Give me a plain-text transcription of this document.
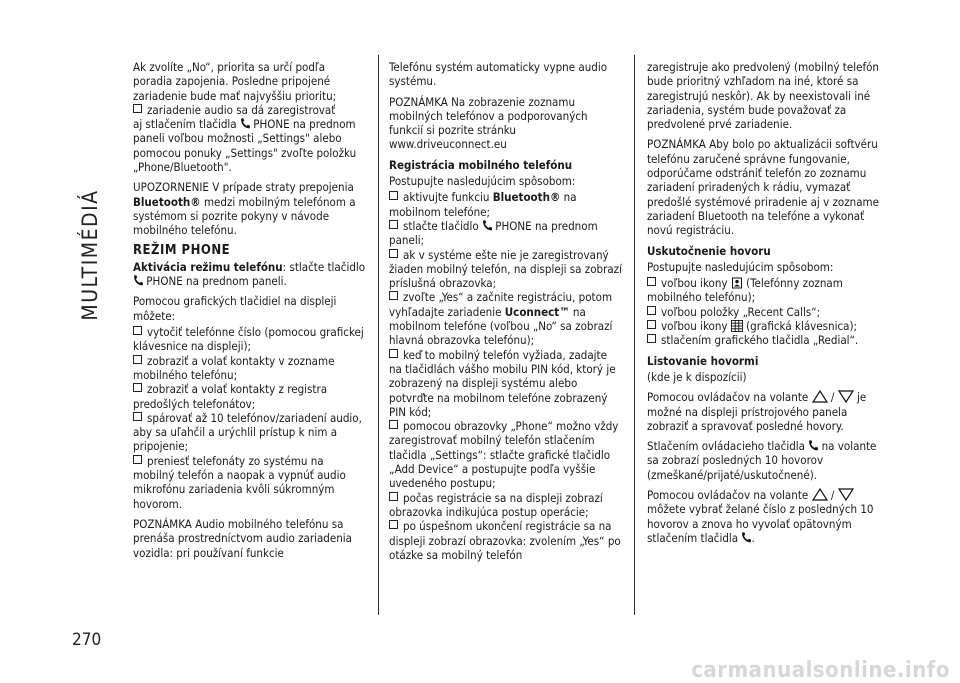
MULTIMÉDIÁ
270

Ak zvolíte „No“, priorita sa určí podľa poradia zapojenia. Posledne pripojené zariadenie bude mať najvyššiu prioritu;

zariadenie audio sa dá zaregistrovať

aj stlačením tlačidla PHONE na prednom paneli voľbou možnosti „Settings" alebo pomocou ponuky „Settings" zvoľte položku „Phone/Bluetooth".

UPOZORNENIE V prípade straty prepojenia Bluetooth® medzi mobilným telefónom a systémom si pozrite pokyny v návode mobilného telefónu.

REŽIM PHONE

Aktivácia režimu telefónu: stlačte tlačidlo  PHONE na prednom paneli.

Pomocou grafických tlačidiel na displeji môžete:

vytočiť telefónne číslo (pomocou grafickej klávesnice na displeji);
zobraziť a volať kontakty v zozname mobilného telefónu;
zobraziť a volať kontakty z registra predošlých telefonátov;
spárovať až 10 telefónov/zariadení audio, aby sa uľahčil a urýchlil prístup k nim a pripojenie;
preniesť telefonáty zo systému na mobilný telefón a naopak a vypnúť audio mikrofónu zariadenia kvôli súkromným hovorom.

POZNÁMKA Audio mobilného telefónu sa prenáša prostredníctvom audio zariadenia vozidla: pri používaní funkcie

Telefónu systém automaticky vypne audio systému.

POZNÁMKA Na zobrazenie zoznamu mobilných telefónov a podporovaných funkcií si pozrite stránku www.driveuconnect.eu

Registrácia mobilného telefónu

Postupujte nasledujúcim spôsobom:

aktivujte funkciu Bluetooth® na mobilnom telefóne;
stlačte tlačidlo PHONE na prednom paneli;
ak v systéme ešte nie je zaregistrovaný žiaden mobilný telefón, na displeji sa zobrazí príslušná obrazovka;
zvoľte „Yes“ a začnite registráciu, potom vyhľadajte zariadenie Uconnect™ na mobilnom telefóne (voľbou „No“ sa zobrazí hlavná obrazovka telefónu);
keď to mobilný telefón vyžiada, zadajte na tlačidlách vášho mobilu PIN kód, ktorý je zobrazený na displeji systému alebo potvrďte na mobilnom telefóne zobrazený PIN kód;
pomocou obrazovky „Phone“ možno vždy zaregistrovať mobilný telefón stlačením tlačidla „Settings“: stlačte grafické tlačidlo „Add Device“ a postupujte podľa vyššie uvedeného postupu;
počas registrácie sa na displeji zobrazí obrazovka indikujúca postup operácie;
po úspešnom ukončení registrácie sa na displeji zobrazí obrazovka: zvolením „Yes“ po otázke sa mobilný telefón

zaregistruje ako predvolený (mobilný telefón bude prioritný vzhľadom na iné, ktoré sa zaregistrujú neskôr). Ak by neexistovali iné zariadenia, systém bude považovať za predvolené prvé zariadenie.

POZNÁMKA Aby bolo po aktualizácii softvéru telefónu zaručené správne fungovanie, odporúčame odstrániť telefón zo zoznamu zariadení priradených k rádiu, vymazať predošlé systémové priradenie aj v zozname zariadení Bluetooth na telefóne a vykonať novú registráciu.

Uskutočnenie hovoru

Postupujte nasledujúcim spôsobom:

voľbou ikony (Telefónny zoznam mobilného telefónu);
voľbou položky „Recent Calls“;
voľbou ikony (grafická klávesnica);
stlačením grafického tlačidla „Redial“.
Listovanie hovormi

(kde je k dispozícii)

Pomocou ovládačov na volante / je možné na displeji prístrojového panela zobraziť a spravovať posledné hovory.

Stlačením ovládacieho tlačidla na volante sa zobrazí posledných 10 hovorov (zmeškané/prijaté/uskutočnené).

Pomocou ovládačov na volante /  môžete vybrať želané číslo z posledných 10 hovorov a znova ho vyvolať opätovným stlačením tlačidla .

carmanualsonline.info
